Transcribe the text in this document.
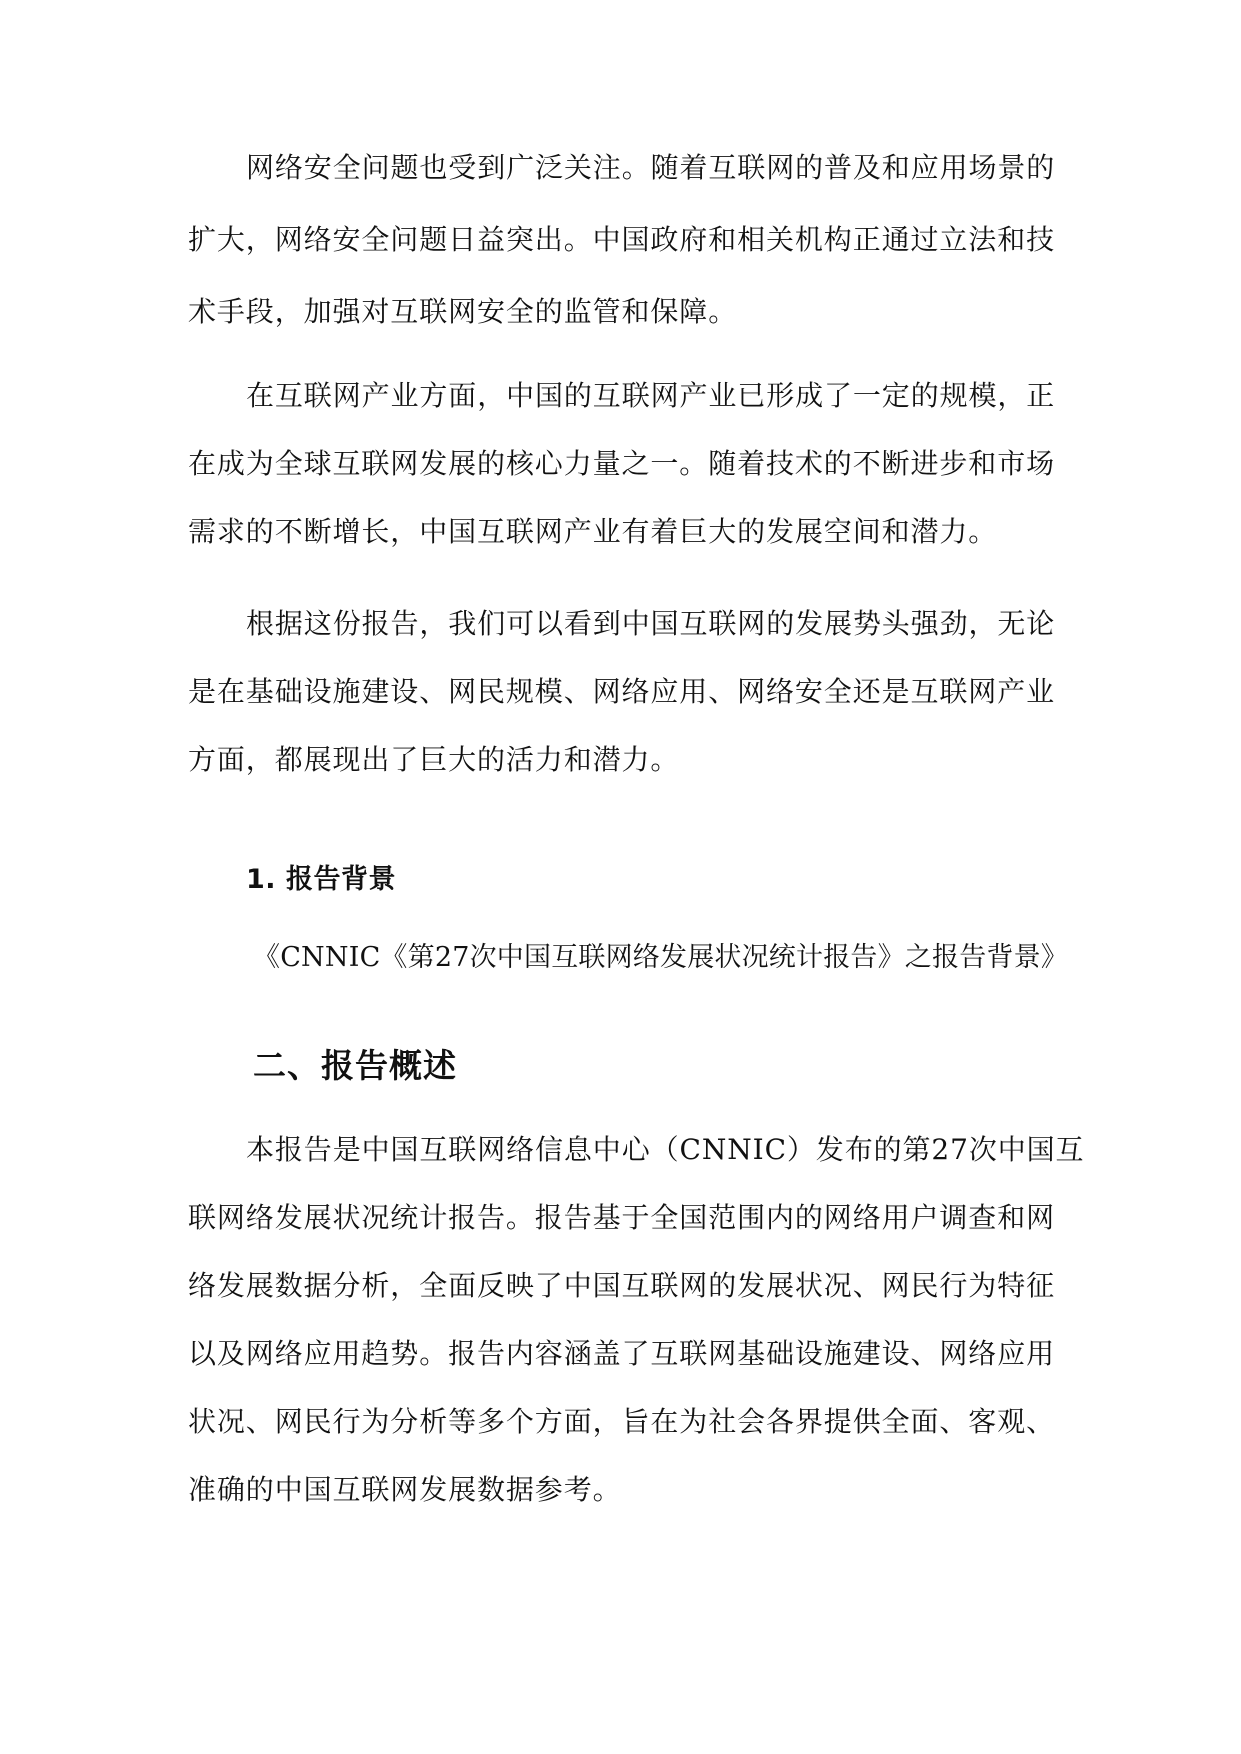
网络安全问题也受到广泛关注。随着互联网的普及和应用场景的
扩大，网络安全问题日益突出。中国政府和相关机构正通过立法和技
术手段，加强对互联网安全的监管和保障。
在互联网产业方面，中国的互联网产业已形成了一定的规模，正
在成为全球互联网发展的核心力量之一。随着技术的不断进步和市场
需求的不断增长，中国互联网产业有着巨大的发展空间和潜力。
根据这份报告，我们可以看到中国互联网的发展势头强劲，无论
是在基础设施建设、网民规模、网络应用、网络安全还是互联网产业
方面，都展现出了巨大的活力和潜力。
1. 报告背景
《CNNIC《第27次中国互联网络发展状况统计报告》之报告背景》
二、报告概述
本报告是中国互联网络信息中心（CNNIC）发布的第27次中国互
联网络发展状况统计报告。报告基于全国范围内的网络用户调查和网
络发展数据分析，全面反映了中国互联网的发展状况、网民行为特征
以及网络应用趋势。报告内容涵盖了互联网基础设施建设、网络应用
状况、网民行为分析等多个方面，旨在为社会各界提供全面、客观、
准确的中国互联网发展数据参考。
